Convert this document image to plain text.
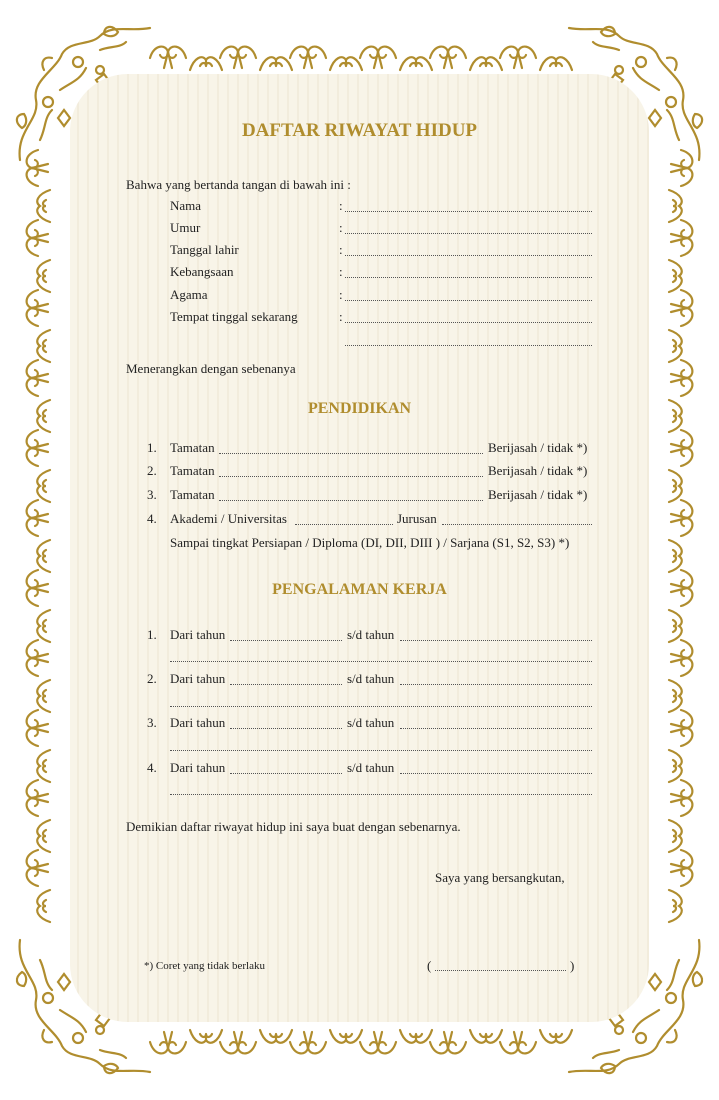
DAFTAR RIWAYAT HIDUP
Bahwa yang bertanda tangan di bawah ini :
Nama	:
Umur	:
Tanggal lahir	:
Kebangsaan	:
Agama	:
Tempat tinggal sekarang	:
Menerangkan dengan sebenanya
PENDIDIKAN
1. Tamatan	Berijasah / tidak *)
2. Tamatan	Berijasah / tidak *)
3. Tamatan	Berijasah / tidak *)
4. Akademi / Universitas	Jurusan
Sampai tingkat Persiapan / Diploma (DI, DII, DIII ) / Sarjana (S1, S2, S3) *)
PENGALAMAN KERJA
1. Dari tahun	s/d tahun
2. Dari tahun	s/d tahun
3. Dari tahun	s/d tahun
4. Dari tahun	s/d tahun
Demikian daftar riwayat hidup ini saya buat dengan sebenarnya.
Saya yang bersangkutan,
(	)
*) Coret yang tidak berlaku
